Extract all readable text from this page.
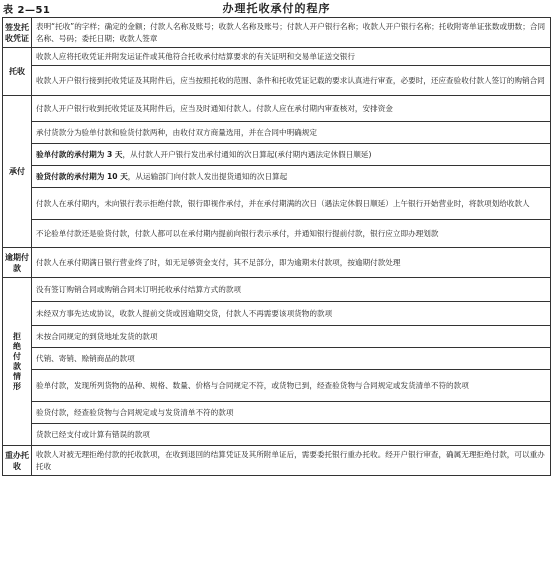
表 2—51	办理托收承付的程序
签发托收凭证	表明“托收”的字样；确定的金额；付款人名称及账号；收款人名称及账号；付款人开户银行名称；收款人开户银行名称；托收附寄单证张数或册数；合同名称、号码；委托日期；收款人签章
托收	收款人应将托收凭证并附发运证件或其他符合托收承付结算要求的有关证明和交易单证送交银行
	收款人开户银行接到托收凭证及其附件后，应当按照托收的范围、条件和托收凭证记载的要求认真进行审查，必要时，还应查验收付款人签订的购销合同
承付	付款人开户银行收到托收凭证及其附件后，应当及时通知付款人。付款人应在承付期内审查核对，安排资金
	承付货款分为验单付款和验货付款两种，由收付双方商量选用，并在合同中明确规定
	验单付款的承付期为 3 天，从付款人开户银行发出承付通知的次日算起(承付期内遇法定休假日顺延)
	验货付款的承付期为 10 天，从运输部门向付款人发出提货通知的次日算起
	付款人在承付期内，未向银行表示拒绝付款，银行即视作承付，并在承付期满的次日（遇法定休假日顺延）上午银行开始营业时，将款项划给收款人
	不论验单付款还是验货付款，付款人都可以在承付期内提前向银行表示承付，并通知银行提前付款，银行应立即办理划款
逾期付款	付款人在承付期满日银行营业终了时，如无足够资金支付，其不足部分，即为逾期未付款项，按逾期付款处理
拒绝付款情形	没有签订购销合同或购销合同未订明托收承付结算方式的款项
	未经双方事先达成协议，收款人提前交货或因逾期交货，付款人不再需要该项货物的款项
	未按合同规定的到货地址发货的款项
	代销、寄销、赊销商品的款项
	验单付款，发现所列货物的品种、规格、数量、价格与合同规定不符，或货物已到，经查验货物与合同规定或发货清单不符的款项
	验货付款，经查验货物与合同规定或与发货清单不符的款项
	货款已经支付或计算有错误的款项
重办托收	收款人对被无理拒绝付款的托收款项，在收到退回的结算凭证及其所附单证后，需要委托银行重办托收。经开户银行审查，确属无理拒绝付款，可以重办托收
